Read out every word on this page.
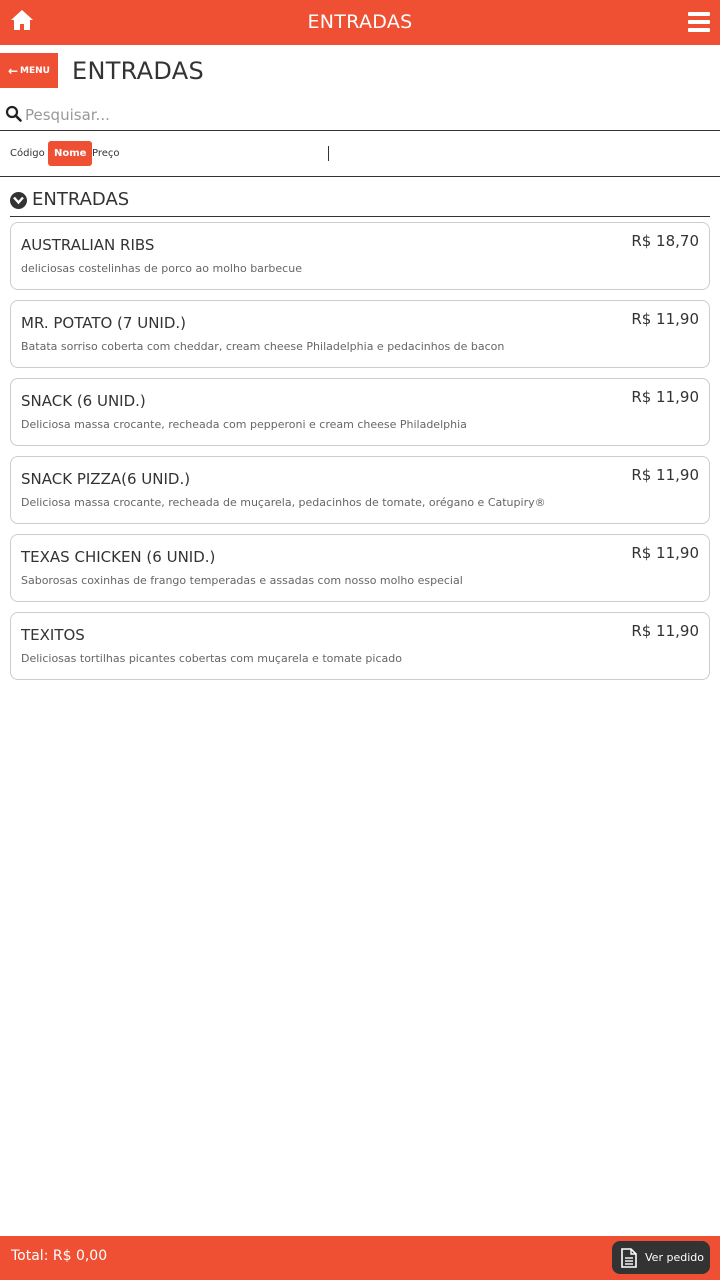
ENTRADAS
← MENU ENTRADAS
Pesquisar...
Código Nome Preço
ENTRADAS
AUSTRALIAN RIBS
deliciosas costelinhas de porco ao molho barbecue
R$ 18,70
MR. POTATO (7 UNID.)
Batata sorriso coberta com cheddar, cream cheese Philadelphia e pedacinhos de bacon
R$ 11,90
SNACK (6 UNID.)
Deliciosa massa crocante, recheada com pepperoni e cream cheese Philadelphia
R$ 11,90
SNACK PIZZA(6 UNID.)
Deliciosa massa crocante, recheada de muçarela, pedacinhos de tomate, orégano e Catupiry®
R$ 11,90
TEXAS CHICKEN (6 UNID.)
Saborosas coxinhas de frango temperadas e assadas com nosso molho especial
R$ 11,90
TEXITOS
Deliciosas tortilhas picantes cobertas com muçarela e tomate picado
R$ 11,90
Total: R$ 0,00	Ver pedido
